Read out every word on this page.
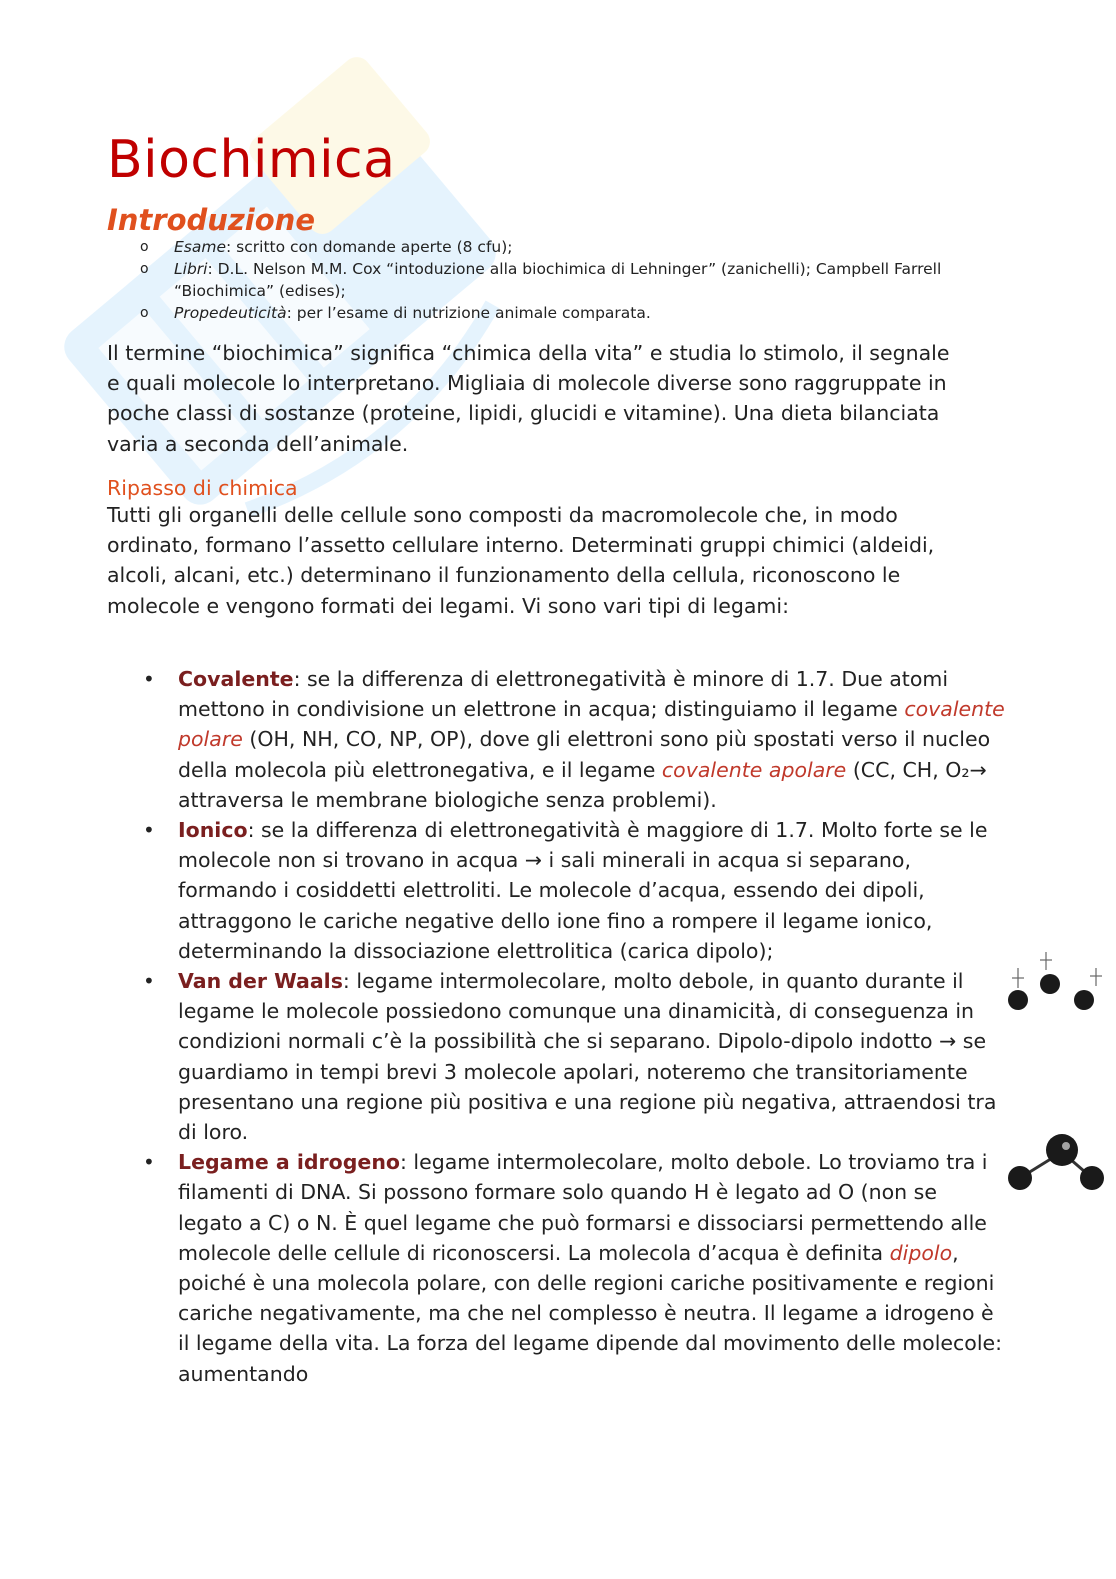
Biochimica
Introduzione
o Esame: scritto con domande aperte (8 cfu);
o Libri: D.L. Nelson M.M. Cox “intoduzione alla biochimica di Lehninger” (zanichelli); Campbell Farrell “Biochimica” (edises);
o Propedeuticità: per l’esame di nutrizione animale comparata.

Il termine “biochimica” significa “chimica della vita” e studia lo stimolo, il segnale e quali molecole lo interpretano. Migliaia di molecole diverse sono raggruppate in poche classi di sostanze (proteine, lipidi, glucidi e vitamine). Una dieta bilanciata varia a seconda dell’animale.

Ripasso di chimica

Tutti gli organelli delle cellule sono composti da macromolecole che, in modo ordinato, formano l’assetto cellulare interno. Determinati gruppi chimici (aldeidi, alcoli, alcani, etc.) determinano il funzionamento della cellula, riconoscono le molecole e vengono formati dei legami. Vi sono vari tipi di legami:

• Covalente: se la differenza di elettronegatività è minore di 1.7. Due atomi mettono in condivisione un elettrone in acqua; distinguiamo il legame covalente polare (OH, NH, CO, NP, OP), dove gli elettroni sono più spostati verso il nucleo della molecola più elettronegativa, e il legame covalente apolare (CC, CH, O₂→ attraversa le membrane biologiche senza problemi).
• Ionico: se la differenza di elettronegatività è maggiore di 1.7. Molto forte se le molecole non si trovano in acqua → i sali minerali in acqua si separano, formando i cosiddetti elettroliti. Le molecole d’acqua, essendo dei dipoli, attraggono le cariche negative dello ione fino a rompere il legame ionico, determinando la dissociazione elettrolitica (carica dipolo);
• Van der Waals: legame intermolecolare, molto debole, in quanto durante il legame le molecole possiedono comunque una dinamicità, di conseguenza in condizioni normali c’è la possibilità che si separano. Dipolo-dipolo indotto → se guardiamo in tempi brevi 3 molecole apolari, noteremo che transitoriamente presentano una regione più positiva e una regione più negativa, attraendosi tra di loro.
• Legame a idrogeno: legame intermolecolare, molto debole. Lo troviamo tra i filamenti di DNA. Si possono formare solo quando H è legato ad O (non se legato a C) o N. È quel legame che può formarsi e dissociarsi permettendo alle molecole delle cellule di riconoscersi. La molecola d’acqua è definita dipolo, poiché è una molecola polare, con delle regioni cariche positivamente e regioni cariche negativamente, ma che nel complesso è neutra. Il legame a idrogeno è il legame della vita. La forza del legame dipende dal movimento delle molecole: aumentando
